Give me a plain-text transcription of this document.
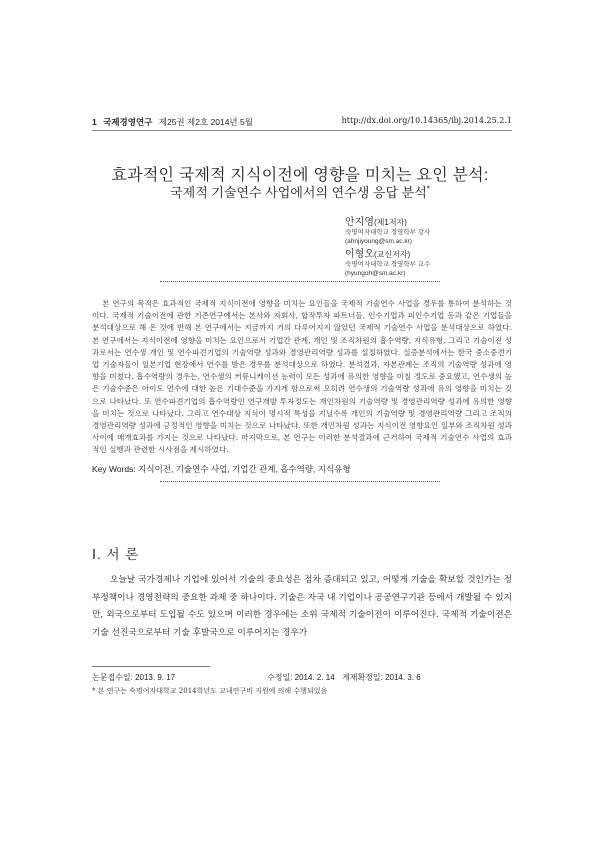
1 국제경영연구 제25권 제2호 2014년 5월	http://dx.doi.org/10.14365/ibj.2014.25.2.1
효과적인 국제적 지식이전에 영향을 미치는 요인 분석:
국제적 기술연수 사업에서의 연수생 응답 분석*
안지영(제1저자)
숙명여자대학교 경영학부 강사
(ahnjiyoung@sm.ac.kr)
이형오(교신저자)
숙명여자대학교 경영학부 교수
(hyungoh@sm.ac.kr)
본 연구의 목적은 효과적인 국제적 지식이전에 영향을 미치는 요인들을 국제적 기술연수 사업을 경우를 통하여 분석하는 것이다. 국제적 기술이전에 관한 기존연구에서는 본사와 자회사, 합작투자 파트너들, 인수기업과 피인수기업 등과 같은 기업들을 분석대상으로 해 온 것에 반해 본 연구에서는 지금까지 거의 다루어지지 않았던 국제적 기술연수 사업을 분석대상으로 하였다. 본 연구에서는 지식이전에 영향을 미치는 요인으로서 기업간 관계, 개인 및 조직차원의 흡수역량, 지식유형, 그리고 기술이전 성과로서는 연수생 개인 및 연수파견기업의 기술역량 성과와 경영관리역량 성과를 설정하였다. 실증분석에서는 한국 중소중견기업 기술자들이 일본기업 현장에서 연수를 받은 경우를 분석대상으로 하였다. 분석결과, 자본관계는 조직의 기술역량 성과에 영향을 미쳤다. 흡수역량의 경우는, 연수생의 커뮤니케이션 능력이 모든 성과에 유의한 영향을 미칠 정도로 중요했고, 연수생의 높은 기술수준은 아이도 연수에 대한 높은 기대수준을 가지게 함으로써 오히려 연수생의 기술역량 성과에 유의 영향을 미치는 것으로 나타났다. 또 연수파견기업의 흡수역량인 연구개발 투자정도는 개인차원의 기술역량 및 경영관리역량 성과에 유의한 영향을 미치는 것으로 나타났다. 그리고 연수대상 지식이 명시적 특성을 지닐수록 개인의 기술역량 및 경영관리역량 그리고 조직의 경영관리역량 성과에 긍정적인 영향을 미치는 것으로 나타났다. 또한 개인차원 성과는 지식이전 영향요인 일부와 조직차원 성과 사이에 매개효과를 가지는 것으로 나타났다. 마지막으로, 본 연구는 이러한 분석결과에 근거하여 국제적 기술연수 사업의 효과적인 실행과 관련한 시사점을 제시하였다.
Key Words: 지식이전, 기술연수 사업, 기업간 관계, 흡수역량, 지식유형
Ⅰ. 서 론
오늘날 국가경제나 기업에 있어서 기술의 중요성은 점차 증대되고 있고, 어떻게 기술을 확보할 것인가는 정부정책이나 경영전략의 중요한 과제 중 하나이다. 기술은 자국 내 기업이나 공공연구기관 등에서 개발될 수 있지만, 외국으로부터 도입될 수도 있으며 이러한 경우에는 소위 국제적 기술이전이 이루어진다. 국제적 기술이전은 기술 선진국으로부터 기술 후발국으로 이루어지는 경우가
논문접수일: 2013. 9. 17	수정일: 2014. 2. 14 게재확정일: 2014. 3. 6
* 본 연구는 숙명여자대학교 2014학년도 교내연구비 지원에 의해 수행되었음
